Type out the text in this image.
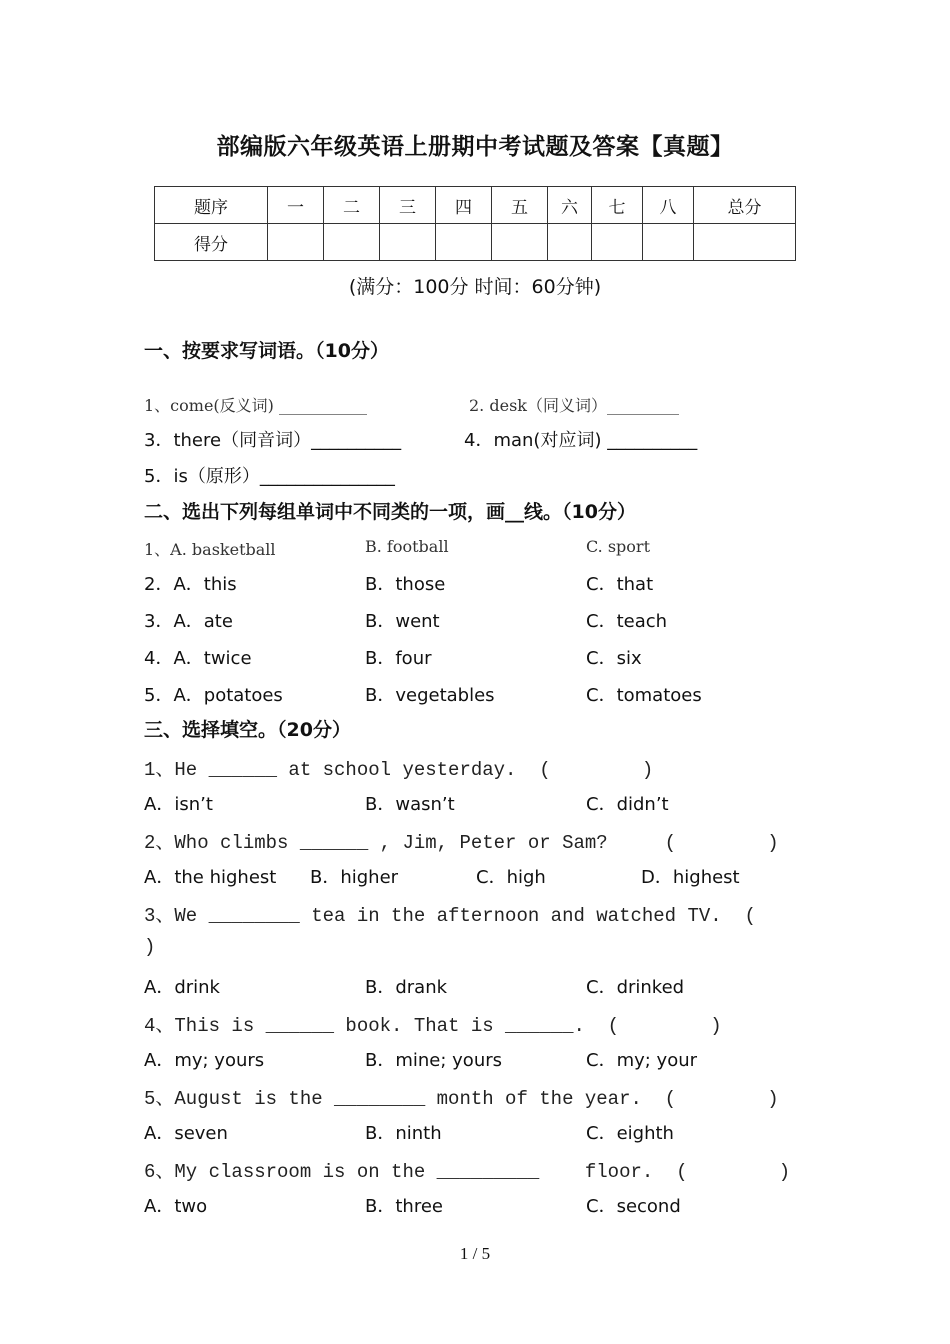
部编版六年级英语上册期中考试题及答案【真题】
题序	一	二	三	四	五	六	七	八	总分
得分									
(满分：100分 时间：60分钟)
一、按要求写词语。（10分）
1、come(反义词) ___________	2. desk（同义词）_________
3．there（同音词）__________	4．man(对应词) __________
5．is（原形）_______________
二、选出下列每组单词中不同类的一项，画__线。（10分）
1、A. basketball	B. football	C. sport
2．A．this	B．those	C．that
3．A．ate	B．went	C．teach
4．A．twice	B．four	C．six
5．A．potatoes	B．vegetables	C．tomatoes
三、选择填空。（20分）
1、He ______ at school yesterday.  (        )
A．isn’t	B．wasn’t	C．didn’t
2、Who climbs ______ , Jim, Peter or Sam?     (        )
A．the highest B．higher	C．high	D．highest
3、We ________ tea in the afternoon and watched TV.  (
)
A．drink	B．drank	C．drinked
4、This is ______ book. That is ______.  (        )
A．my; yours	B．mine; yours	C．my; your
5、August is the ________ month of the year.  (        )
A．seven	B．ninth	C．eighth
6、My classroom is on the _________    floor.  (        )
A．two	B．three	C．second
1 / 5
